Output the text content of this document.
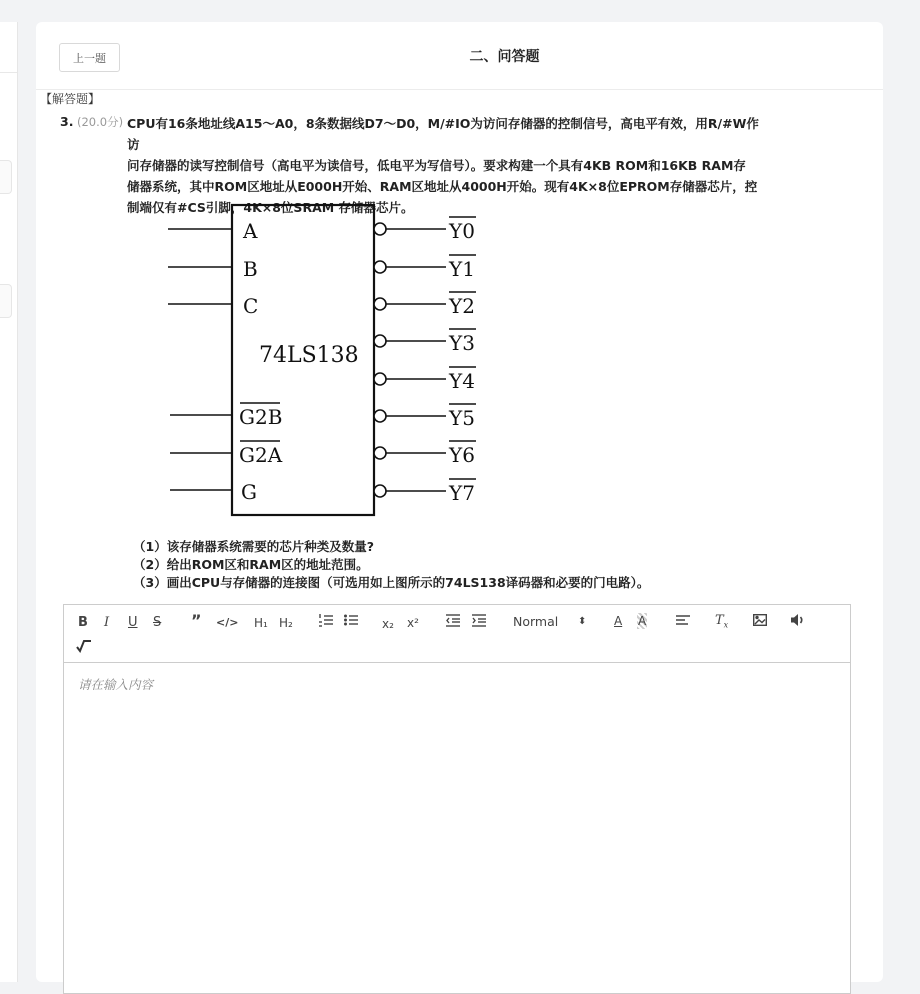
上一题	二、问答题
【解答题】
3. (20.0分) CPU有16条地址线A15～A0，8条数据线D7～D0，M/#IO为访问存储器的控制信号，高电平有效，用R/#W作访
问存储器的读写控制信号（高电平为读信号，低电平为写信号）。要求构建一个具有4KB ROM和16KB RAM存
储器系统，其中ROM区地址从E000H开始、RAM区地址从4000H开始。现有4K×8位EPROM存储器芯片，控
制端仅有#CS引脚，4K×8位SRAM 存储器芯片。
74LS138
A
B
C
G2B
G2A
G
Y0
Y1
Y2
Y3
Y4
Y5
Y6
Y7
（1）该存储器系统需要的芯片种类及数量?
（2）给出ROM区和RAM区的地址范围。
（3）画出CPU与存储器的连接图（可选用如上图所示的74LS138译码器和必要的门电路）。
B I U S ” </> H₁ H₂	x₂ x²	Normal ⬍ A A	$T_x$
请在输入内容
